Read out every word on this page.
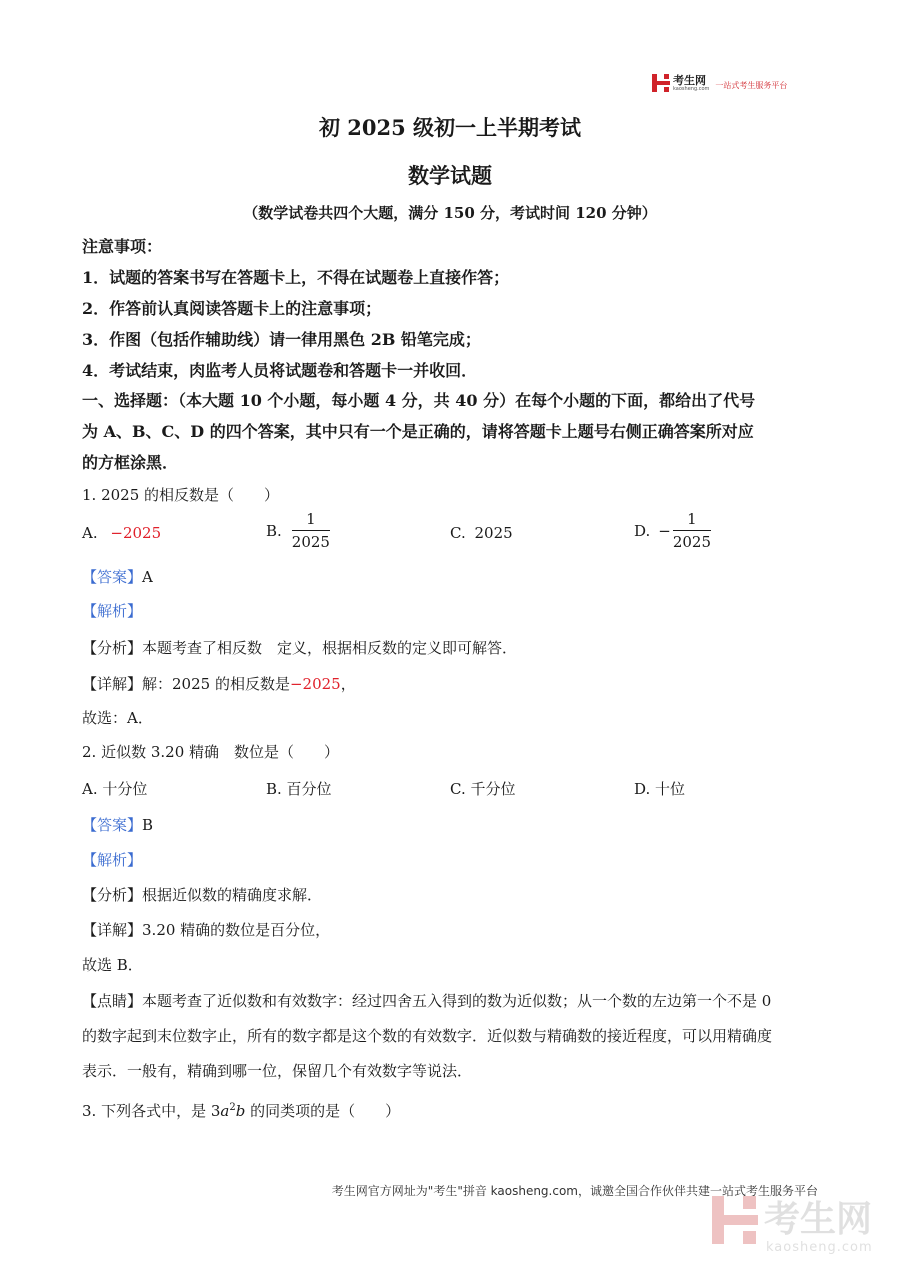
考生网
kaosheng.com 一站式考生服务平台
初 2025 级初一上半期考试
数学试题
（数学试卷共四个大题，满分 150 分，考试时间 120 分钟）
注意事项：
1．试题的答案书写在答题卡上，不得在试题卷上直接作答；
2．作答前认真阅读答题卡上的注意事项；
3．作图（包括作辅助线）请一律用黑色 2B 铅笔完成；
4．考试结束，肉监考人员将试题卷和答题卡一并收回．
一、选择题：（本大题 10 个小题，每小题 4 分，共 40 分）在每个小题的下面，都给出了代号
为 A、B、C、D 的四个答案，其中只有一个是正确的，请将答题卡上题号右侧正确答案所对应
的方框涂黑．
1. 2025 的相反数是（　　）
A. −2025	B. $\frac{1}{2025}$	C. 2025	D. − $\frac{1}{2025}$
【答案】A
【解析】
【分析】本题考查了相反数　定义，根据相反数的定义即可解答．
【详解】解：2025 的相反数是−2025，
故选：A．
2. 近似数 3.20 精确　数位是（　　）
A. 十分位	B. 百分位	C. 千分位	D. 十位
【答案】B
【解析】
【分析】根据近似数的精确度求解．
【详解】3.20 精确的数位是百分位，
故选 B．
【点睛】本题考查了近似数和有效数字：经过四舍五入得到的数为近似数；从一个数的左边第一个不是 0
的数字起到末位数字止，所有的数字都是这个数的有效数字．近似数与精确数的接近程度，可以用精确度
表示．一般有，精确到哪一位，保留几个有效数字等说法．
3. 下列各式中，是 $3a^2b$ 的同类项的是（　　）
考生网官方网址为"考生"拼音 kaosheng.com，诚邀全国合作伙伴共建一站式考生服务平台
考生网
kaosheng.com
